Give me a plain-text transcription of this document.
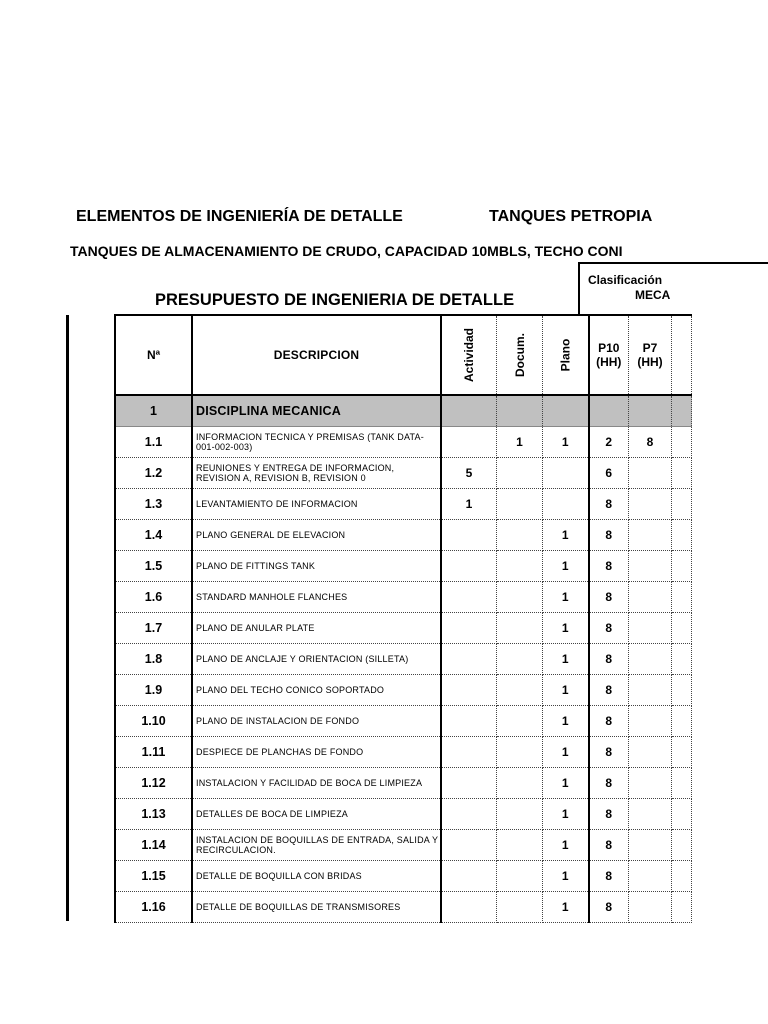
ELEMENTOS DE INGENIERÍA DE DETALLE	TANQUES PETROPIA
TANQUES DE ALMACENAMIENTO DE CRUDO, CAPACIDAD 10MBLS, TECHO CONI
PRESUPUESTO DE INGENIERIA DE DETALLE
Clasificación
MECA
Nª	DESCRIPCION	Actividad	Docum.	Plano	P10 (HH)	P7 (HH)	
1	DISCIPLINA MECANICA						
1.1	INFORMACION TECNICA Y PREMISAS (TANK DATA-001-002-003)		1	1	2	8	
1.2	REUNIONES Y ENTREGA DE INFORMACION, REVISION A, REVISION B, REVISION 0	5			6		
1.3	LEVANTAMIENTO DE INFORMACION	1			8		
1.4	PLANO GENERAL DE ELEVACION			1	8		
1.5	PLANO DE FITTINGS TANK			1	8		
1.6	STANDARD MANHOLE FLANCHES			1	8		
1.7	PLANO DE ANULAR PLATE			1	8		
1.8	PLANO DE ANCLAJE Y ORIENTACION (SILLETA)			1	8		
1.9	PLANO DEL TECHO CONICO SOPORTADO			1	8		
1.10	PLANO DE INSTALACION DE FONDO			1	8		
1.11	DESPIECE DE PLANCHAS DE FONDO			1	8		
1.12	INSTALACION Y FACILIDAD DE BOCA DE LIMPIEZA			1	8		
1.13	DETALLES DE BOCA DE LIMPIEZA			1	8		
1.14	INSTALACION DE BOQUILLAS DE ENTRADA, SALIDA Y RECIRCULACION.			1	8		
1.15	DETALLE DE BOQUILLA CON BRIDAS			1	8		
1.16	DETALLE DE BOQUILLAS DE TRANSMISORES			1	8		
